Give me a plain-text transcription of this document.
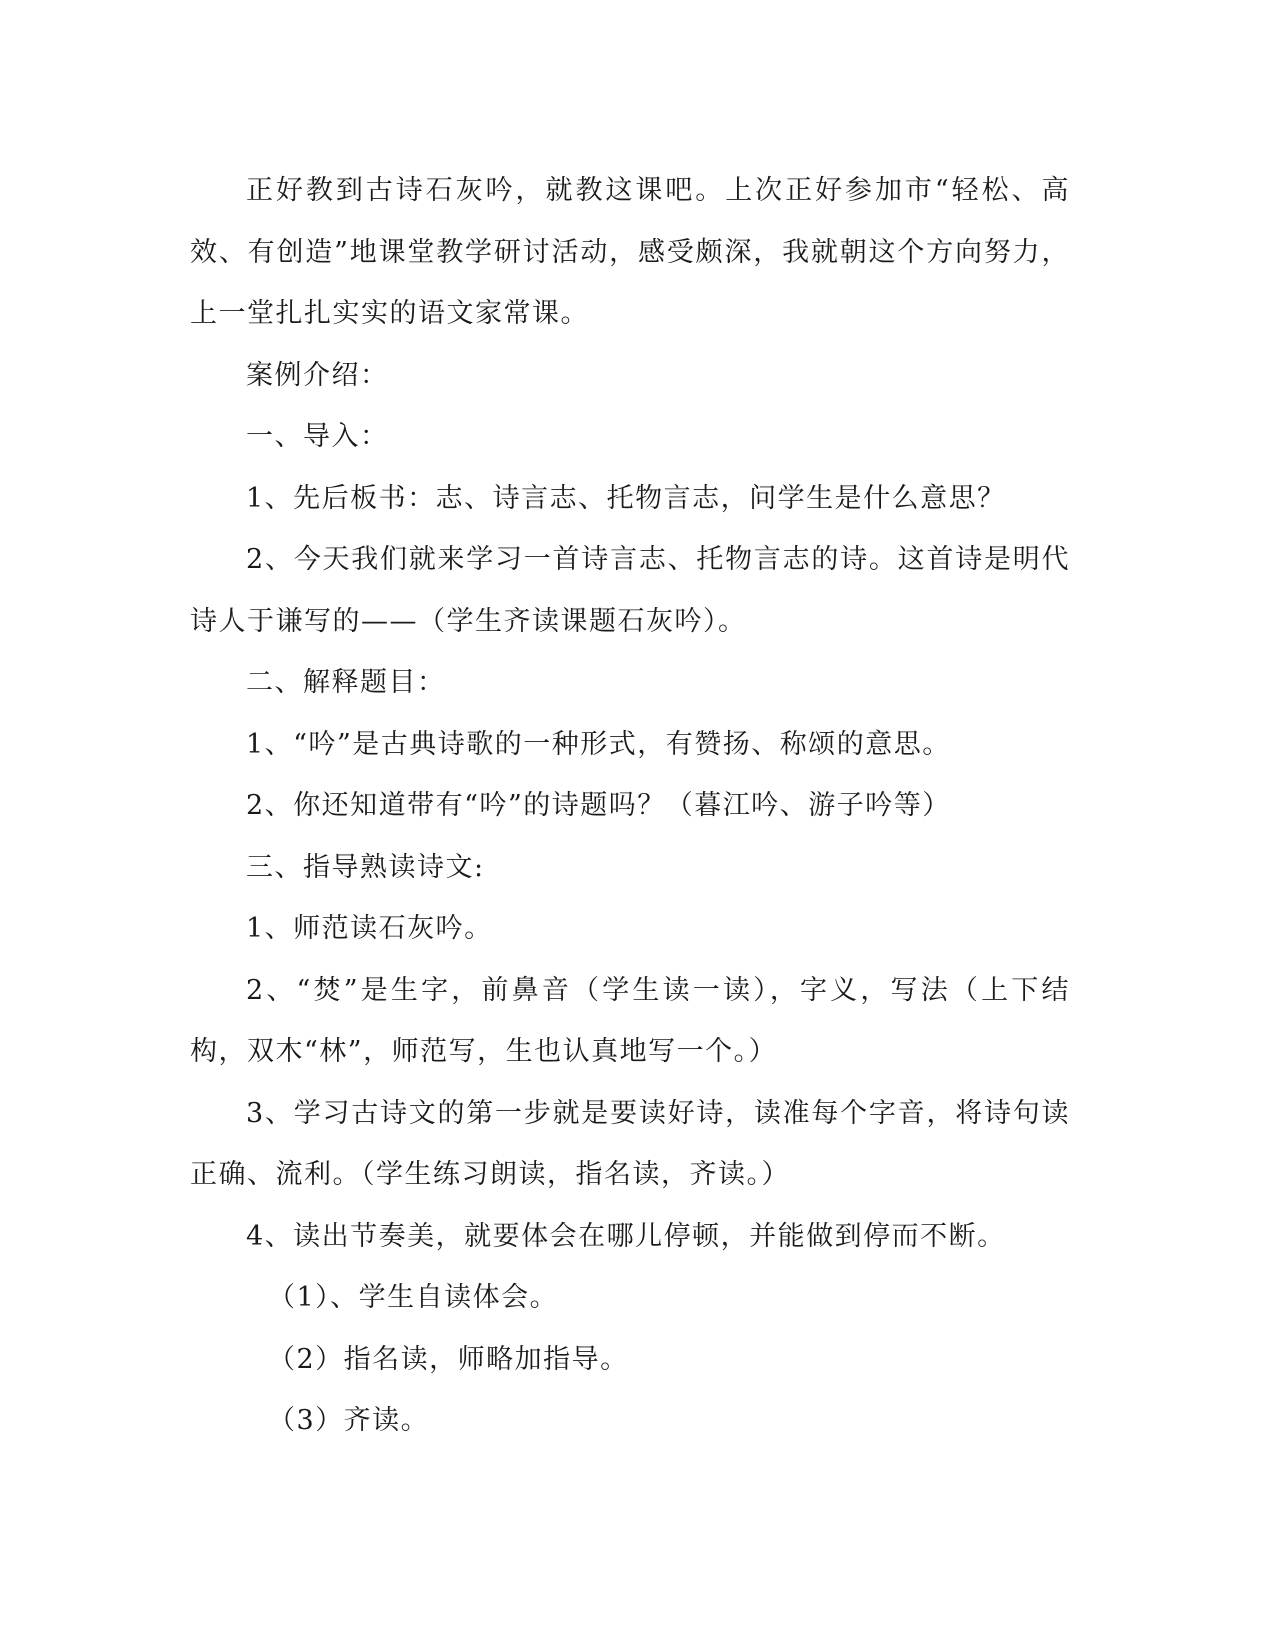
正好教到古诗石灰吟，就教这课吧。上次正好参加市“轻松、高效、有创造”地课堂教学研讨活动，感受颇深，我就朝这个方向努力，上一堂扎扎实实的语文家常课。

案例介绍：

一、导入：

1、先后板书：志、诗言志、托物言志，问学生是什么意思？

2、今天我们就来学习一首诗言志、托物言志的诗。这首诗是明代诗人于谦写的——（学生齐读课题石灰吟）。

二、解释题目：

1、“吟”是古典诗歌的一种形式，有赞扬、称颂的意思。

2、你还知道带有“吟”的诗题吗？（暮江吟、游子吟等）

三、指导熟读诗文:

1、师范读石灰吟。

2、“焚”是生字，前鼻音（学生读一读），字义，写法（上下结构，双木“林”，师范写，生也认真地写一个。）

3、学习古诗文的第一步就是要读好诗，读准每个字音，将诗句读正确、流利。（学生练习朗读，指名读，齐读。）

4、读出节奏美，就要体会在哪儿停顿，并能做到停而不断。

（1）、学生自读体会。

（2）指名读，师略加指导。

（3）齐读。
